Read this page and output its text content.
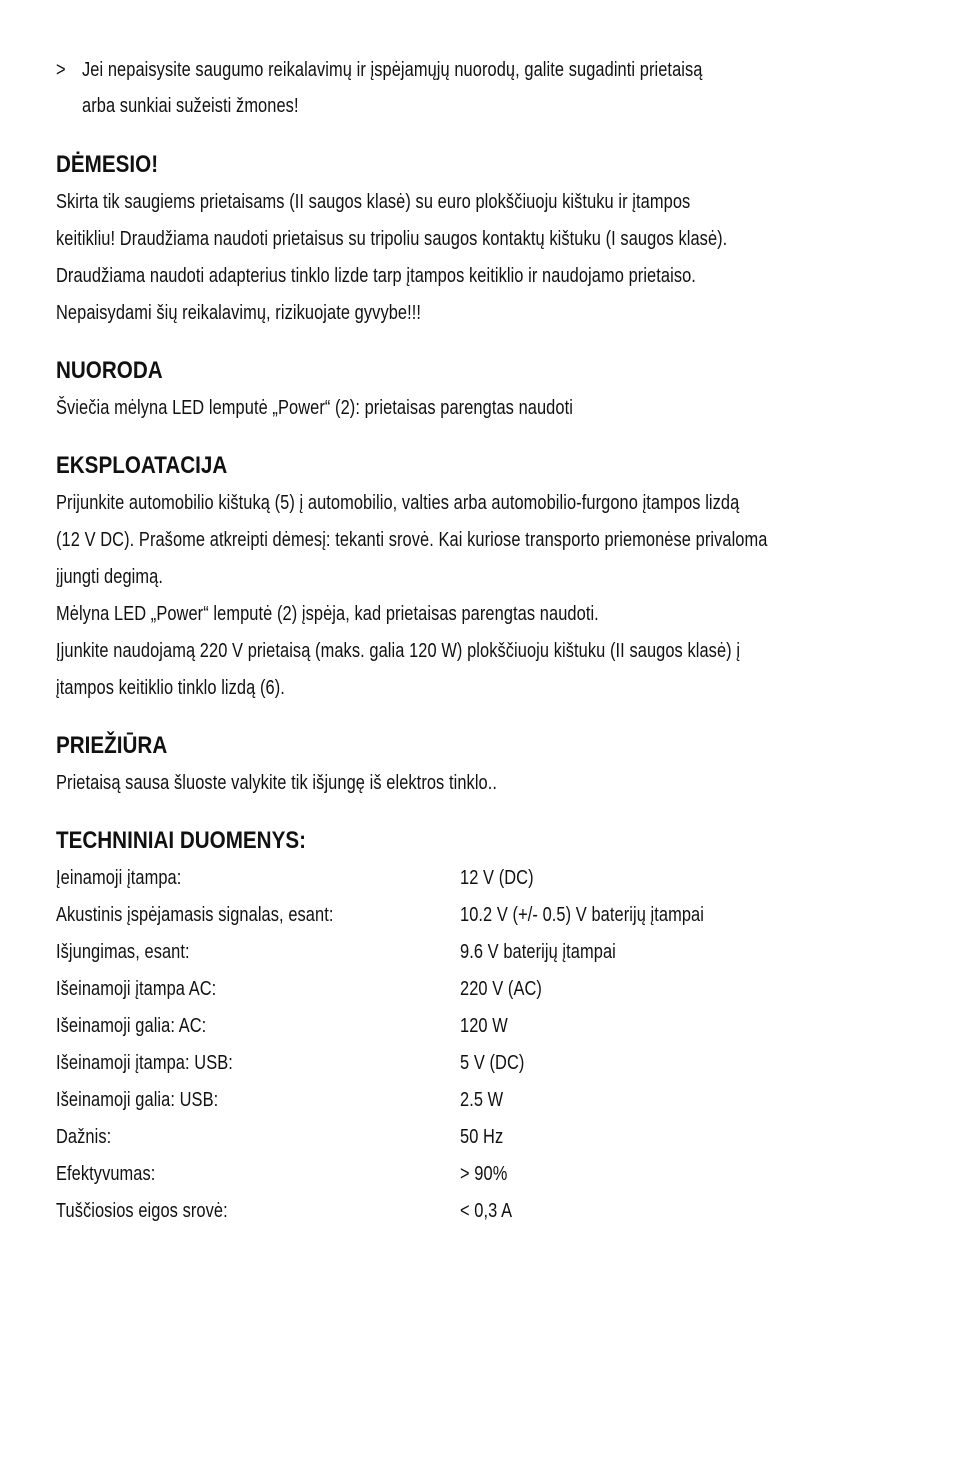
> Jei nepaisysite saugumo reikalavimų ir įspėjamųjų nuorodų, galite sugadinti prietaisą
arba sunkiai sužeisti žmones!
DĖMESIO!
Skirta tik saugiems prietaisams (II saugos klasė) su euro plokščiuoju kištuku ir įtampos
keitikliu! Draudžiama naudoti prietaisus su tripoliu saugos kontaktų kištuku (I saugos klasė).
Draudžiama naudoti adapterius tinklo lizde tarp įtampos keitiklio ir naudojamo prietaiso.
Nepaisydami šių reikalavimų, rizikuojate gyvybe!!!
NUORODA
Šviečia mėlyna LED lemputė „Power“ (2): prietaisas parengtas naudoti
EKSPLOATACIJA
Prijunkite automobilio kištuką (5) į automobilio, valties arba automobilio-furgono įtampos lizdą
(12 V DC). Prašome atkreipti dėmesį: tekanti srovė. Kai kuriose transporto priemonėse privaloma
įjungti degimą.
Mėlyna LED „Power“ lemputė (2) įspėja, kad prietaisas parengtas naudoti.
Įjunkite naudojamą 220 V prietaisą (maks. galia 120 W) plokščiuoju kištuku (II saugos klasė) į
įtampos keitiklio tinklo lizdą (6).
PRIEŽIŪRA
Prietaisą sausa šluoste valykite tik išjungę iš elektros tinklo..
TECHNINIAI DUOMENYS:
Įeinamoji įtampa:	12 V (DC)
Akustinis įspėjamasis signalas, esant:	10.2 V (+/- 0.5) V baterijų įtampai
Išjungimas, esant:	9.6 V baterijų įtampai
Išeinamoji įtampa AC:	220 V (AC)
Išeinamoji galia: AC:	120 W
Išeinamoji įtampa: USB:	5 V (DC)
Išeinamoji galia: USB:	2.5 W
Dažnis:	50 Hz
Efektyvumas:	> 90%
Tuščiosios eigos srovė:	< 0,3 A
